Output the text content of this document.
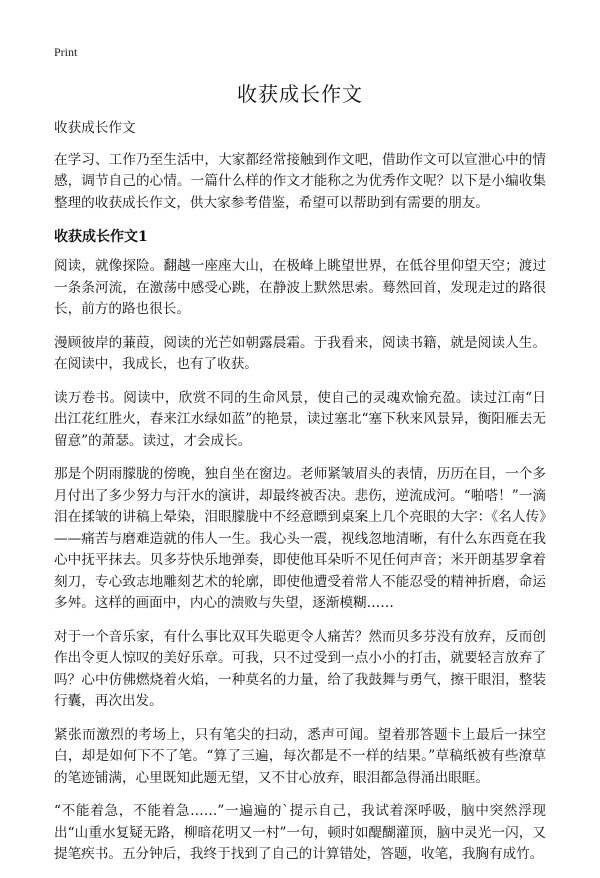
Print
收获成长作文

收获成长作文

在学习、工作乃至生活中，大家都经常接触到作文吧，借助作文可以宣泄心中的情感，调节自己的心情。一篇什么样的作文才能称之为优秀作文呢？以下是小编收集整理的收获成长作文，供大家参考借鉴，希望可以帮助到有需要的朋友。

收获成长作文1

阅读，就像探险。翻越一座座大山，在极峰上眺望世界，在低谷里仰望天空；渡过一条条河流，在激荡中感受心跳，在静波上默然思索。蓦然回首，发现走过的路很长，前方的路也很长。

漫顾彼岸的蒹葭，阅读的光芒如朝露晨霜。于我看来，阅读书籍，就是阅读人生。在阅读中，我成长，也有了收获。

读万卷书。阅读中，欣赏不同的生命风景，使自己的灵魂欢愉充盈。读过江南“日出江花红胜火，春来江水绿如蓝”的艳景，读过塞北“塞下秋来风景异，衡阳雁去无留意”的萧瑟。读过，才会成长。

那是个阴雨朦胧的傍晚，独自坐在窗边。老师紧皱眉头的表情，历历在目，一个多月付出了多少努力与汗水的演讲，却最终被否决。悲伤，逆流成河。“啪嗒！”一滴泪在揉皱的讲稿上晕染，泪眼朦胧中不经意瞟到桌案上几个亮眼的大字：《名人传》——痛苦与磨难造就的伟人一生。我心头一震，视线忽地清晰，有什么东西竟在我心中抚平抹去。贝多芬快乐地弹奏，即使他耳朵听不见任何声音；米开朗基罗拿着刻刀，专心致志地雕刻艺术的轮廓，即使他遭受着常人不能忍受的精神折磨，命运多舛。这样的画面中，内心的溃败与失望，逐渐模糊……

对于一个音乐家，有什么事比双耳失聪更令人痛苦？然而贝多芬没有放弃，反而创作出令更人惊叹的美好乐章。可我，只不过受到一点小小的打击，就要轻言放弃了吗？心中仿佛燃烧着火焰，一种莫名的力量，给了我鼓舞与勇气，擦干眼泪，整装行囊，再次出发。

紧张而激烈的考场上，只有笔尖的扫动，悉声可闻。望着那答题卡上最后一抹空白，却是如何下不了笔。“算了三遍，每次都是不一样的结果。”草稿纸被有些潦草的笔迹铺满，心里既知此题无望，又不甘心放弃，眼泪都急得涌出眼眶。

“不能着急，不能着急……”一遍遍的`提示自己，我试着深呼吸，脑中突然浮现出“山重水复疑无路，柳暗花明又一村”一句，顿时如醍醐灌顶，脑中灵光一闪，又提笔疾书。五分钟后，我终于找到了自己的计算错处，答题，收笔，我胸有成竹。
